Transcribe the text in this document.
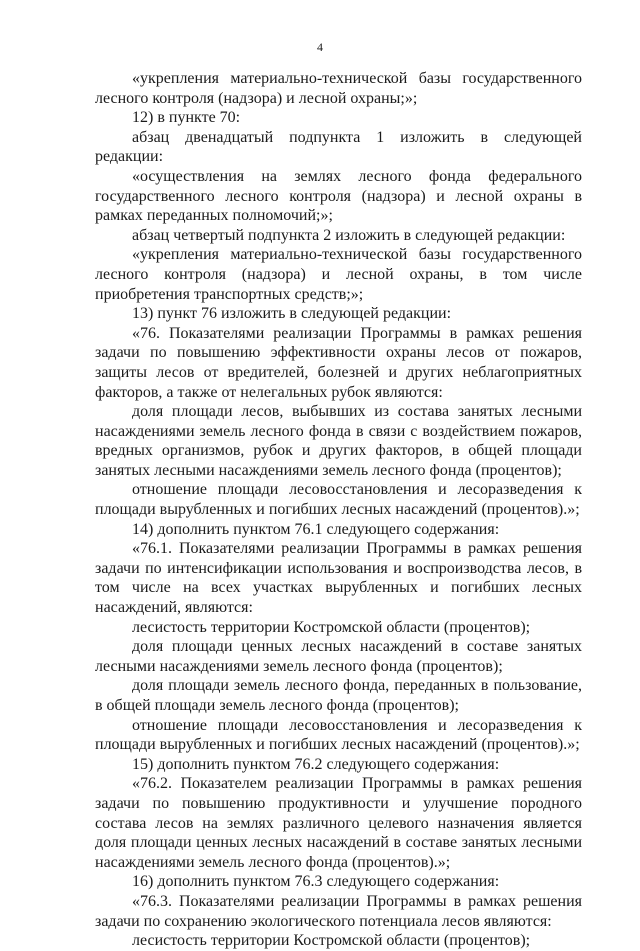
4

«укрепления материально-технической базы государственного лесного контроля (надзора) и лесной охраны;»;

12) в пункте 70:

абзац двенадцатый подпункта 1 изложить в следующей редакции:

«осуществления на землях лесного фонда федерального государственного лесного контроля (надзора) и лесной охраны в рамках переданных полномочий;»;

абзац четвертый подпункта 2 изложить в следующей редакции:

«укрепления материально-технической базы государственного лесного контроля (надзора) и лесной охраны, в том числе приобретения транспортных средств;»;

13) пункт 76 изложить в следующей редакции:

«76. Показателями реализации Программы в рамках решения задачи по повышению эффективности охраны лесов от пожаров, защиты лесов от вредителей, болезней и других неблагоприятных факторов, а также от нелегальных рубок являются:

доля площади лесов, выбывших из состава занятых лесными насаждениями земель лесного фонда в связи с воздействием пожаров, вредных организмов, рубок и других факторов, в общей площади занятых лесными насаждениями земель лесного фонда (процентов);

отношение площади лесовосстановления и лесоразведения к площади вырубленных и погибших лесных насаждений (процентов).»;

14) дополнить пунктом 76.1 следующего содержания:

«76.1. Показателями реализации Программы в рамках решения задачи по интенсификации использования и воспроизводства лесов, в том числе на всех участках вырубленных и погибших лесных насаждений, являются:

лесистость территории Костромской области (процентов);

доля площади ценных лесных насаждений в составе занятых лесными насаждениями земель лесного фонда (процентов);

доля площади земель лесного фонда, переданных в пользование, в общей площади земель лесного фонда (процентов);

отношение площади лесовосстановления и лесоразведения к площади вырубленных и погибших лесных насаждений (процентов).»;

15) дополнить пунктом 76.2 следующего содержания:

«76.2. Показателем реализации Программы в рамках решения задачи по повышению продуктивности и улучшение породного состава лесов на землях различного целевого назначения является доля площади ценных лесных насаждений в составе занятых лесными насаждениями земель лесного фонда (процентов).»;

16) дополнить пунктом 76.3 следующего содержания:

«76.3. Показателями реализации Программы в рамках решения задачи по сохранению экологического потенциала лесов являются:

лесистость территории Костромской области (процентов);
